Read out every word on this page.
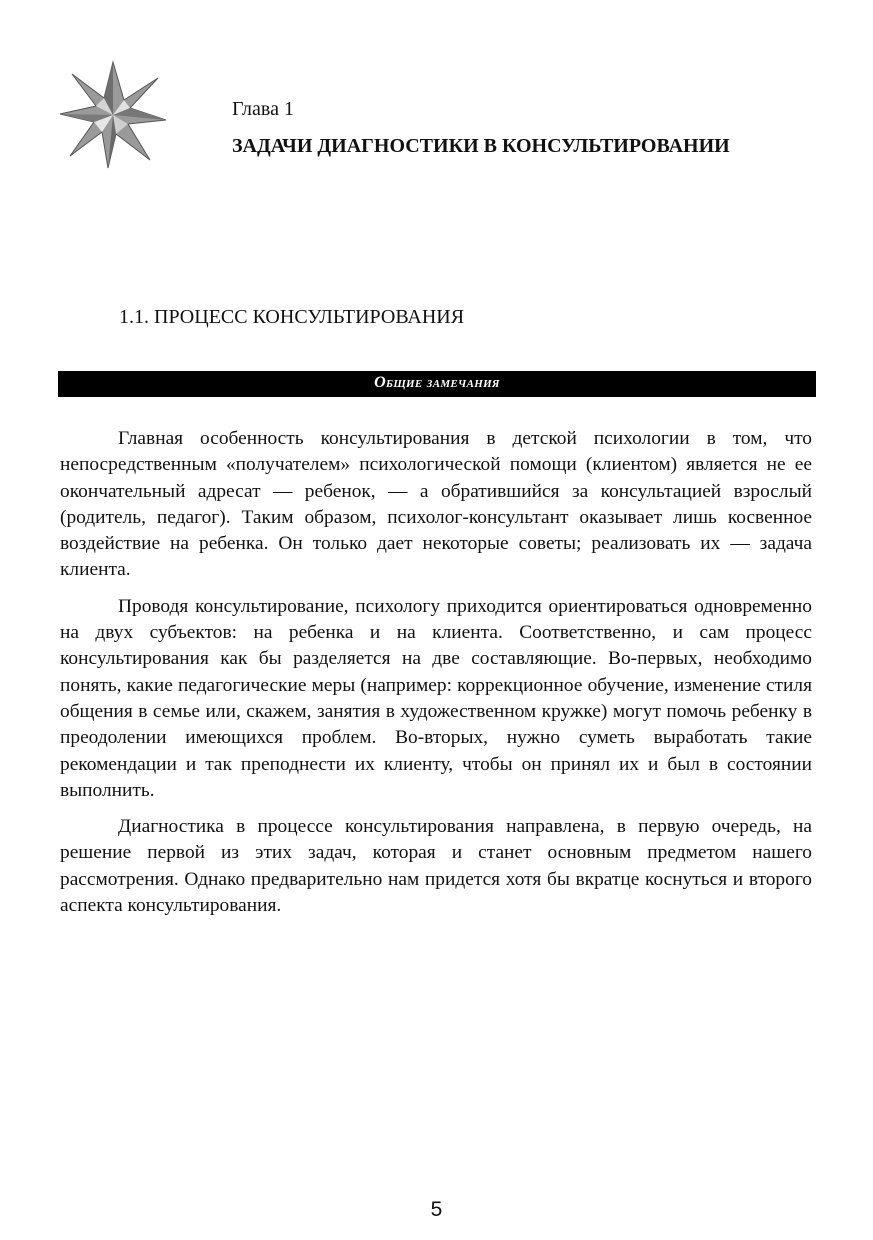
Глава 1
ЗАДАЧИ ДИАГНОСТИКИ В КОНСУЛЬТИРОВАНИИ
1.1. ПРОЦЕСС КОНСУЛЬТИРОВАНИЯ
Общие замечания

Главная особенность консультирования в детской психологии в том, что непосредственным «получателем» психологической помощи (клиентом) является не ее окончательный адресат — ребенок, — а обратившийся за консультацией взрослый (родитель, педагог). Таким образом, психолог-консультант оказывает лишь косвенное воздействие на ребенка. Он только дает некоторые советы; реализовать их — задача клиента.

Проводя консультирование, психологу приходится ориентироваться одновременно на двух субъектов: на ребенка и на клиента. Соответственно, и сам процесс консультирования как бы разделяется на две составляющие. Во-первых, необходимо понять, какие педагогические меры (например: коррекционное обучение, изменение стиля общения в семье или, скажем, занятия в художественном кружке) могут помочь ребенку в преодолении имеющихся проблем. Во-вторых, нужно суметь выработать такие рекомендации и так преподнести их клиенту, чтобы он принял их и был в состоянии выполнить.

Диагностика в процессе консультирования направлена, в первую очередь, на решение первой из этих задач, которая и станет основным предметом нашего рассмотрения. Однако предварительно нам придется хотя бы вкратце коснуться и второго аспекта консультирования.

5
